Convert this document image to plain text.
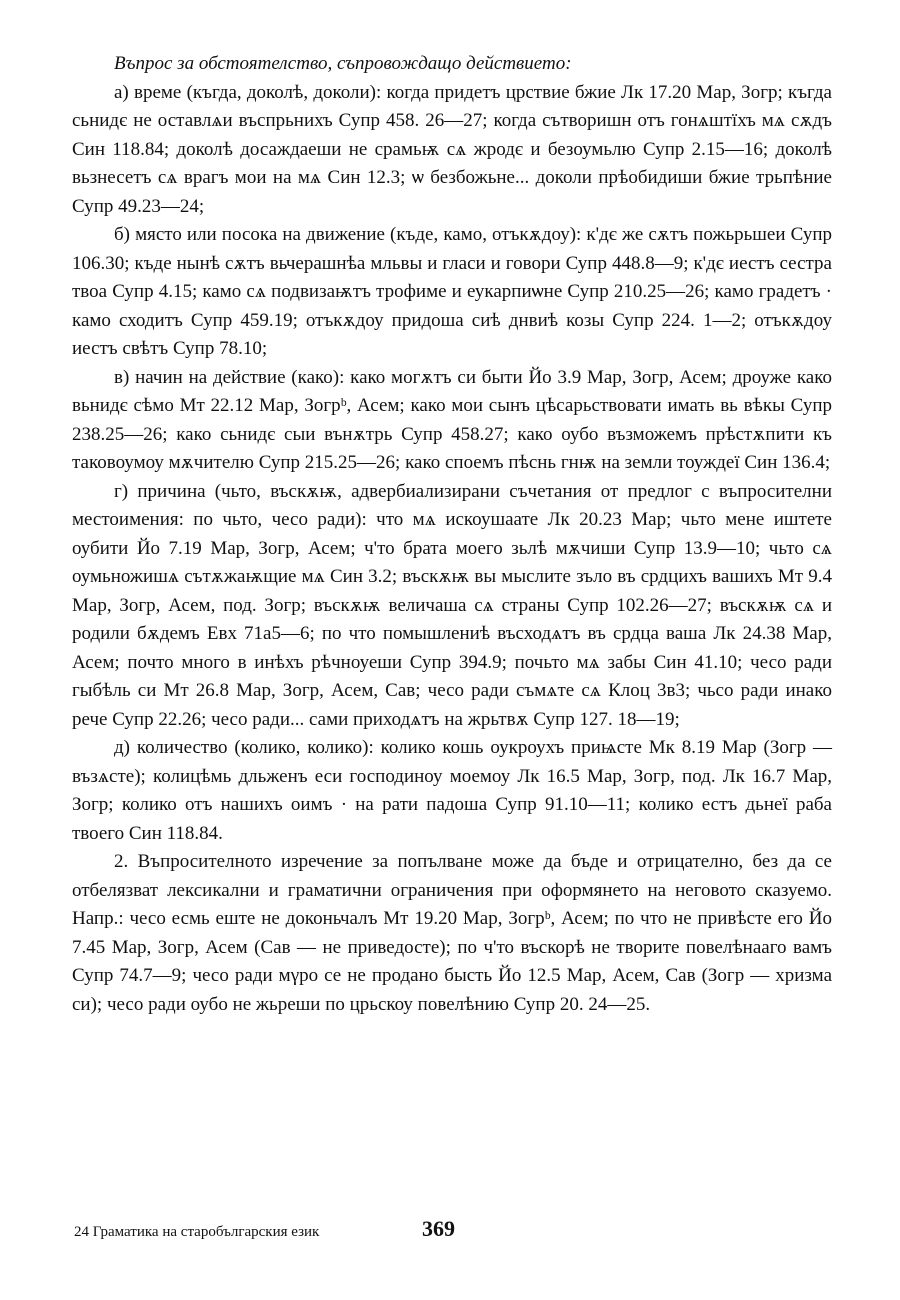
Въпрос за обстоятелство, съпровождащо действието:

а) време (къгда, доколѣ, доколи): когда придетъ црствие бжие Лк 17.20 Мар, Зогр; къгда сьнидє не оставлѧи въспрьнихъ Супр 458. 26—27; когда сътворишн отъ гонѧштїхъ мѧ сѫдъ Син 118.84; доколѣ досаждаеши не срамьѭ сѧ жродє и безоумьлю Супр 2.15—16; доколѣ вьзнесетъ сѧ врагъ мои на мѧ Син 12.3; ѡ безбожьне... доколи прѣобидиши бжие трьпѣние Супр 49.23—24;

б) място или посока на движение (къде, камо, отъкѫдоу): к'дє же сѫтъ пожьрьшеи Супр 106.30; къде нынѣ сѫтъ вьчерашнѣа мльвы и гласи и говори Супр 448.8—9; к'дє иестъ сестра твоа Супр 4.15; камо сѧ подвизаѭтъ трофиме и еукарпиѡне Супр 210.25—26; камо градетъ · камо сходитъ Супр 459.19; отъкѫдоу придоша сиѣ днвиѣ козы Супр 224. 1—2; отъкѫдоу иестъ свѣтъ Супр 78.10;

в) начин на действие (како): како могѫтъ си быти Йо 3.9 Мар, Зогр, Асем; дроуже како вьнидє сѣмо Мт 22.12 Мар, Зогрᵇ, Асем; како мои сынъ цѣсарьствовати имать вь вѣкы Супр 238.25—26; како сьнидє сыи вънѫтрь Супр 458.27; како оубо възможемъ прѣстѫпити къ таковоумоу мѫчителю Супр 215.25—26; како споемъ пѣснь гнѭ на земли тоуждеї Син 136.4;

г) причина (чьто, въскѫѭ, адвербиализирани съчетания от предлог с въпросителни местоимения: по чьто, чесо ради): что мѧ искоушаате Лк 20.23 Мар; чьто мене иштете оубити Йо 7.19 Мар, Зогр, Асем; ч'то брата моего зьлѣ мѫчиши Супр 13.9—10; чьто сѧ оумьножишѧ сътѫжаѭщие мѧ Син 3.2; въскѫѭ вы мыслите зъло въ срдцихъ вашихъ Мт 9.4 Мар, Зогр, Асем, под. Зогр; въскѫѭ величаша сѧ страны Супр 102.26—27; въскѫѭ сѧ и родили бѫдемъ Евх 71а5—6; по что помышлениѣ въсходѧтъ въ срдца ваша Лк 24.38 Мар, Асем; почто много в инѣхъ рѣчноуеши Супр 394.9; почьто мѧ забы Син 41.10; чесо ради гыбѣль си Мт 26.8 Мар, Зогр, Асем, Сав; чесо ради съмѧте сѧ Клоц 3в3; чьсо ради инако рече Супр 22.26; чесо ради... сами приходѧтъ на жрьтвѫ Супр 127. 18—19;

д) количество (колико, колико): колико кошь оукроухъ приѩсте Мк 8.19 Мар (Зогр — възѧсте); колицѣмь дльженъ еси господиноу моемоу Лк 16.5 Мар, Зогр, под. Лк 16.7 Мар, Зогр; колико отъ нашихъ оимъ · на рати падоша Супр 91.10—11; колико естъ дьнеї раба твоего Син 118.84.

2. Въпросителното изречение за попълване може да бъде и отрицателно, без да се отбелязват лексикални и граматични ограничения при оформянето на неговото сказуемо. Напр.: чесо есмь еште не доконьчалъ Мт 19.20 Мар, Зогрᵇ, Асем; по что не привѣсте его Йо 7.45 Мар, Зогр, Асем (Сав — не приведосте); по ч'то въскорѣ не творите повелѣнааго вамъ Супр 74.7—9; чесо ради мγро се не продано бысть Йо 12.5 Мар, Асем, Сав (Зогр — хризма си); чесо ради оубо не жьреши по црьскоу повелѣнию Супр 20. 24—25.

24 Граматика на старобългарския език	369
